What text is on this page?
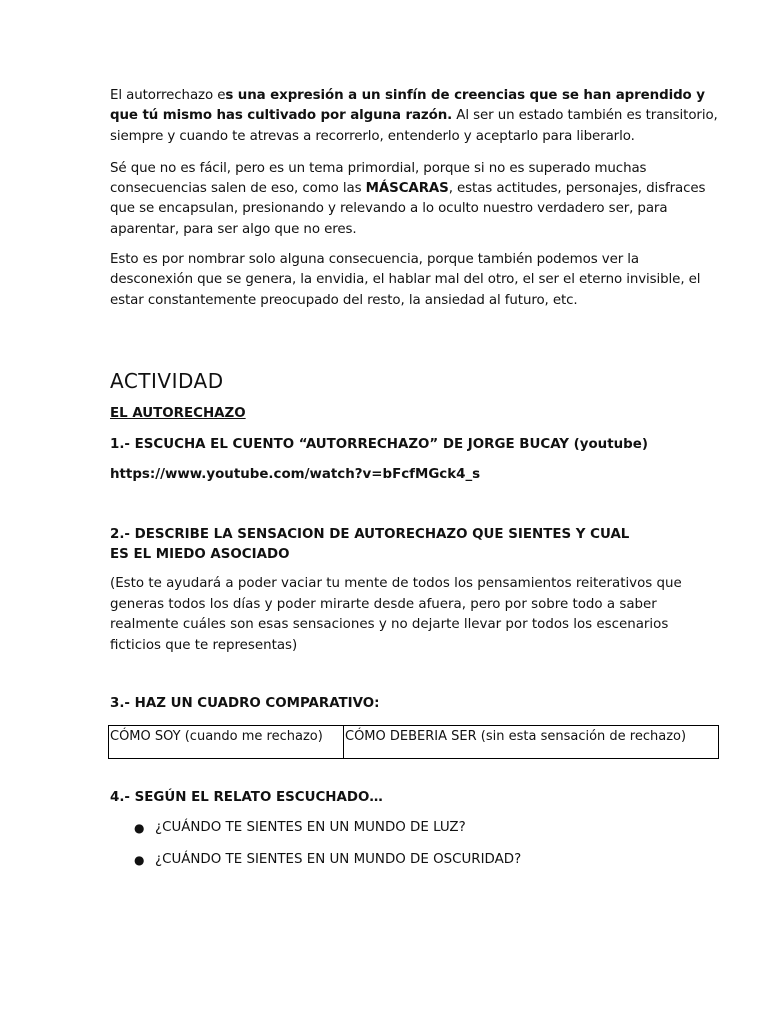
El autorrechazo es una expresión a un sinfín de creencias que se han aprendido y que tú mismo has cultivado por alguna razón. Al ser un estado también es transitorio, siempre y cuando te atrevas a recorrerlo, entenderlo y aceptarlo para liberarlo.

Sé que no es fácil, pero es un tema primordial, porque si no es superado muchas consecuencias salen de eso, como las MÁSCARAS, estas actitudes, personajes, disfraces que se encapsulan, presionando y relevando a lo oculto nuestro verdadero ser, para aparentar, para ser algo que no eres.

Esto es por nombrar solo alguna consecuencia, porque también podemos ver la desconexión que se genera, la envidia, el hablar mal del otro, el ser el eterno invisible, el estar constantemente preocupado del resto, la ansiedad al futuro, etc.

ACTIVIDAD
EL AUTORECHAZO
1.- ESCUCHA EL CUENTO “AUTORRECHAZO” DE JORGE BUCAY (youtube)
https://www.youtube.com/watch?v=bFcfMGck4_s
2.- DESCRIBE LA SENSACION DE AUTORECHAZO QUE SIENTES Y CUAL
ES EL MIEDO ASOCIADO
(Esto te ayudará a poder vaciar tu mente de todos los pensamientos reiterativos que generas todos los días y poder mirarte desde afuera, pero por sobre todo a saber realmente cuáles son esas sensaciones y no dejarte llevar por todos los escenarios ficticios que te representas)
3.- HAZ UN CUADRO COMPARATIVO:
CÓMO SOY (cuando me rechazo)	CÓMO DEBERIA SER (sin esta sensación de rechazo)
4.- SEGÚN EL RELATO ESCUCHADO…
● ¿CUÁNDO TE SIENTES EN UN MUNDO DE LUZ?
● ¿CUÁNDO TE SIENTES EN UN MUNDO DE OSCURIDAD?
